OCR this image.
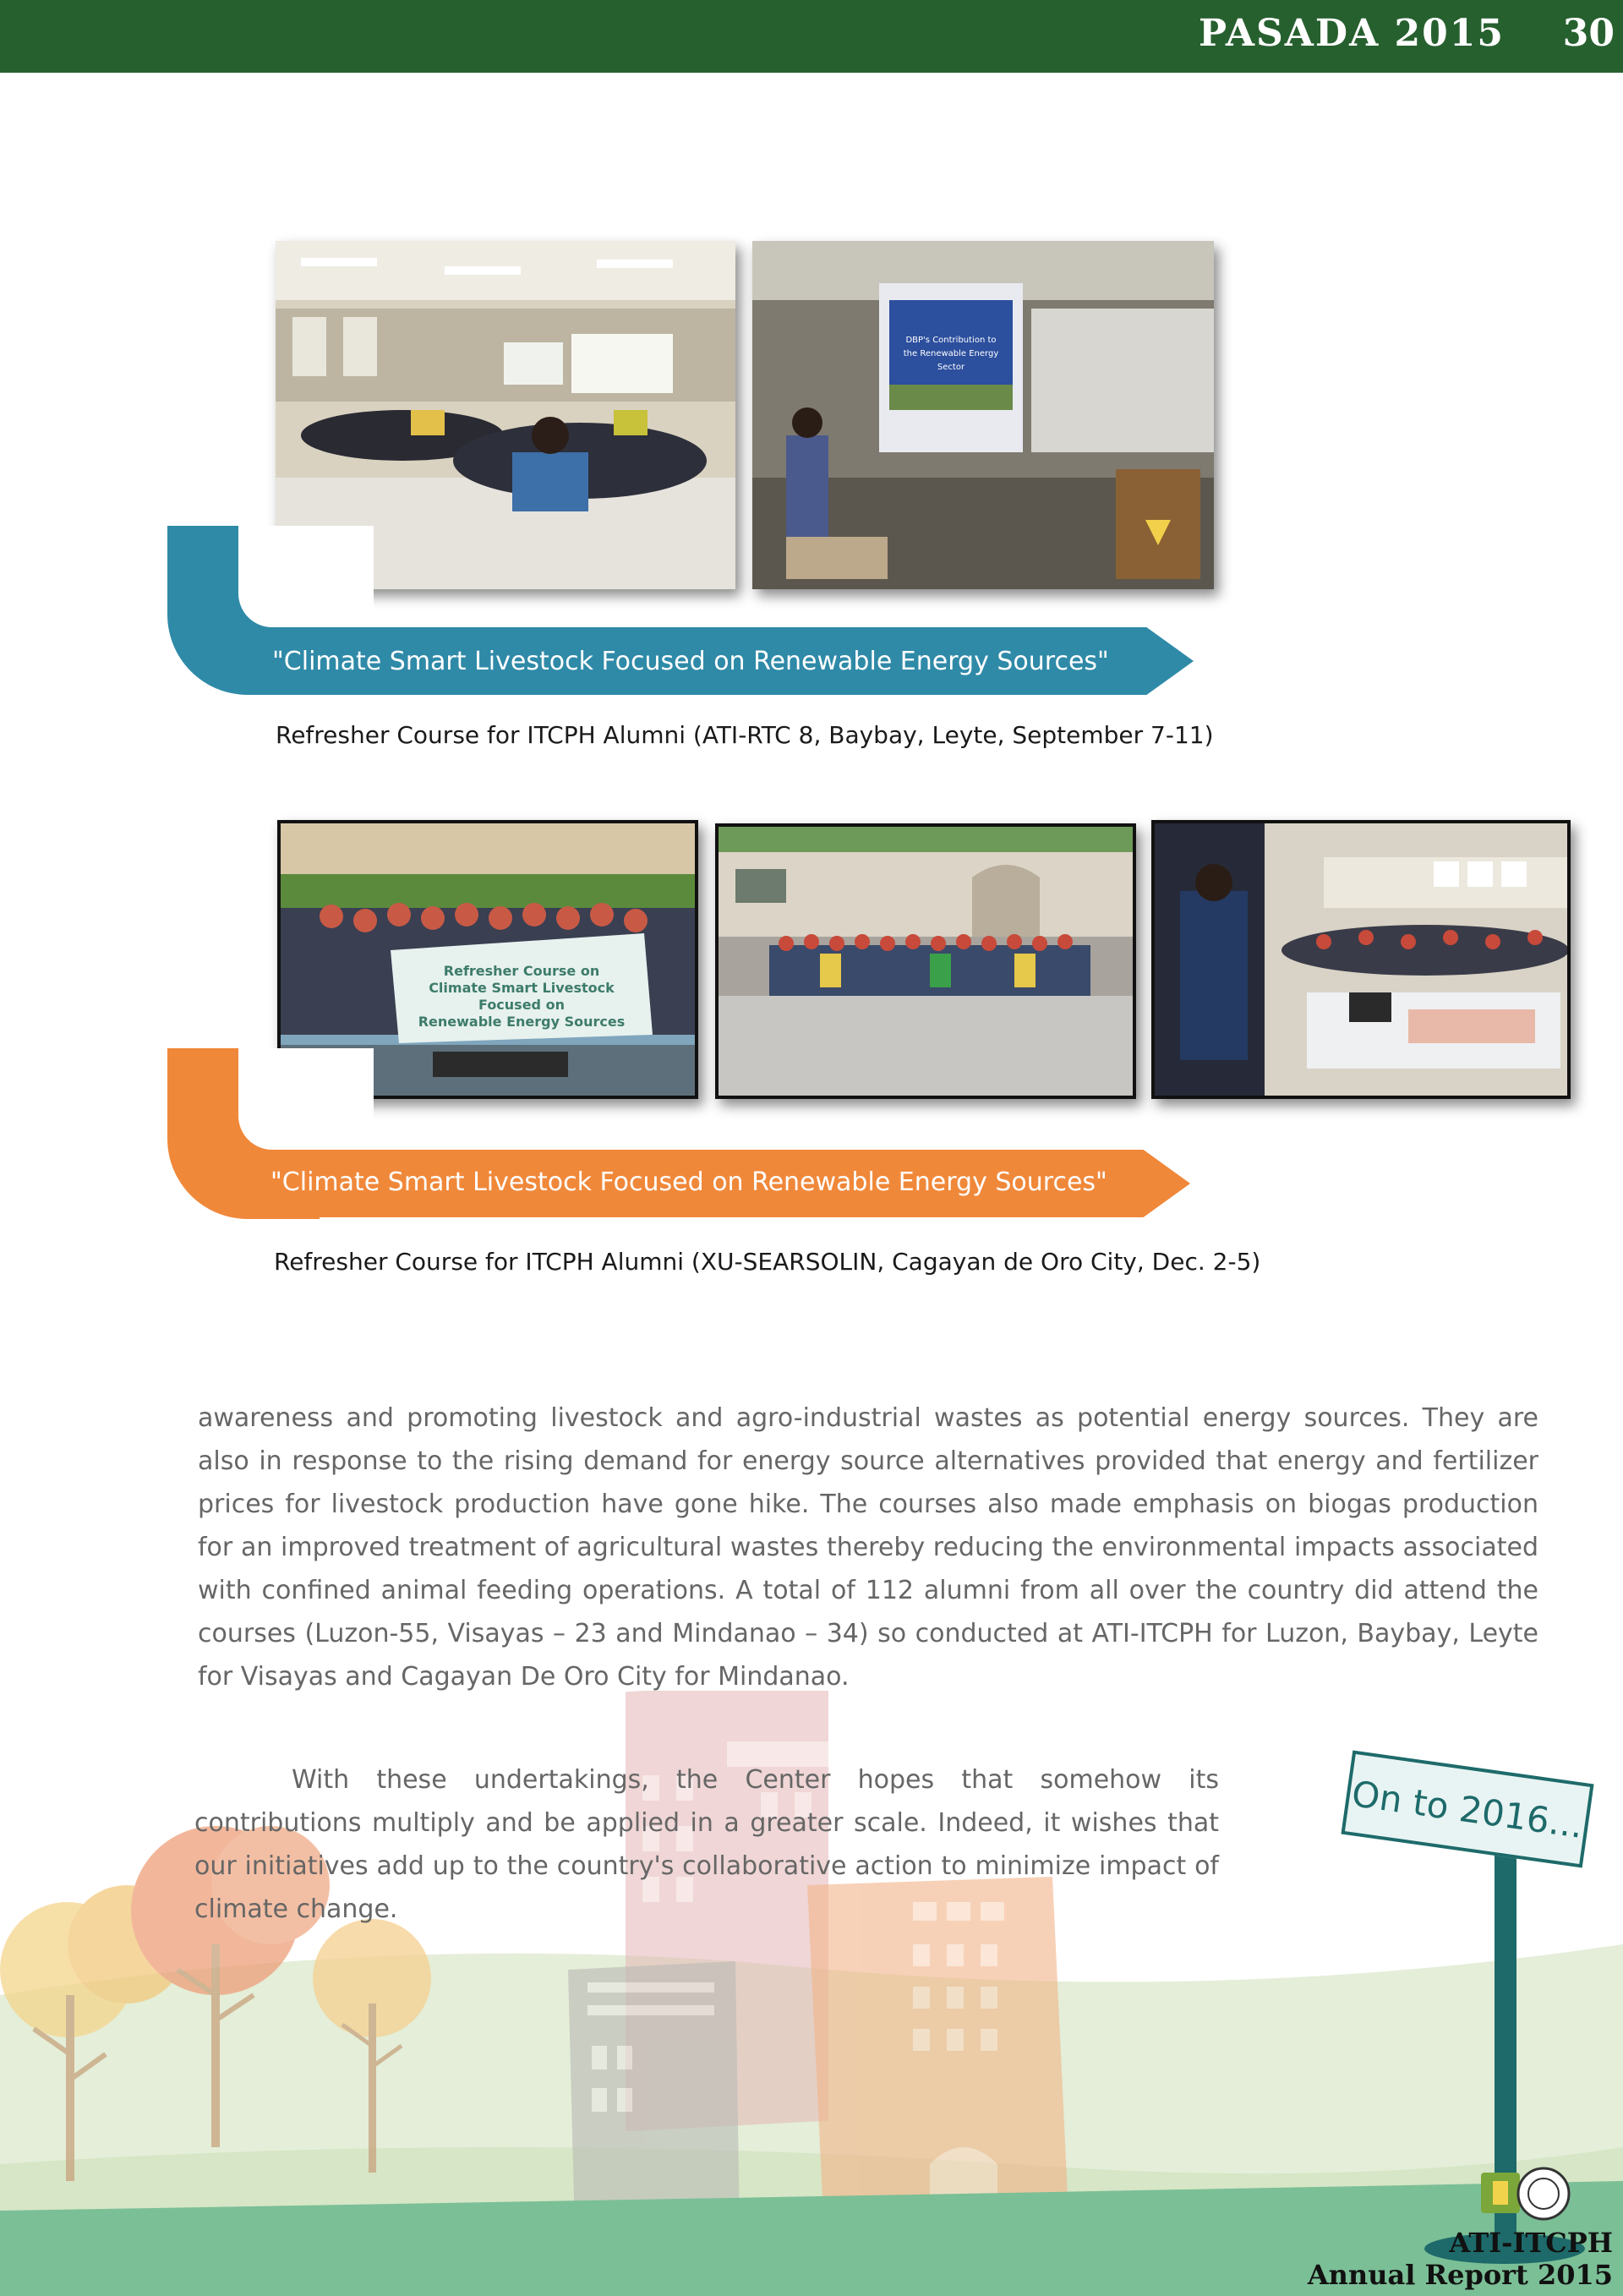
PASADA 2015 30
DBP's Contribution to
the Renewable Energy
Sector
"Climate Smart Livestock Focused on Renewable Energy Sources"
Refresher Course for ITCPH Alumni (ATI-RTC 8, Baybay, Leyte, September 7-11)
Refresher Course on
Climate Smart Livestock
Focused on
Renewable Energy Sources
"Climate Smart Livestock Focused on Renewable Energy Sources"
Refresher Course for ITCPH Alumni (XU-SEARSOLIN, Cagayan de Oro City, Dec. 2-5)

awareness and promoting livestock and agro-industrial wastes as potential energy sources. They are also in response to the rising demand for energy source alternatives provided that energy and fertilizer prices for livestock production have gone hike. The courses also made emphasis on biogas production for an improved treatment of agricultural wastes thereby reducing the environmental impacts associated with confined animal feeding operations. A total of 112 alumni from all over the country did attend the courses (Luzon-55, Visayas – 23 and Mindanao – 34) so conducted at ATI-ITCPH for Luzon, Baybay, Leyte for Visayas and Cagayan De Oro City for Mindanao.

With these undertakings, the Center hopes that somehow its contributions multiply and be applied in a greater scale. Indeed, it wishes that our initiatives add up to the country's collaborative action to minimize impact of climate change.

On to 2016...
ATI-ITCPH
Annual Report 2015
